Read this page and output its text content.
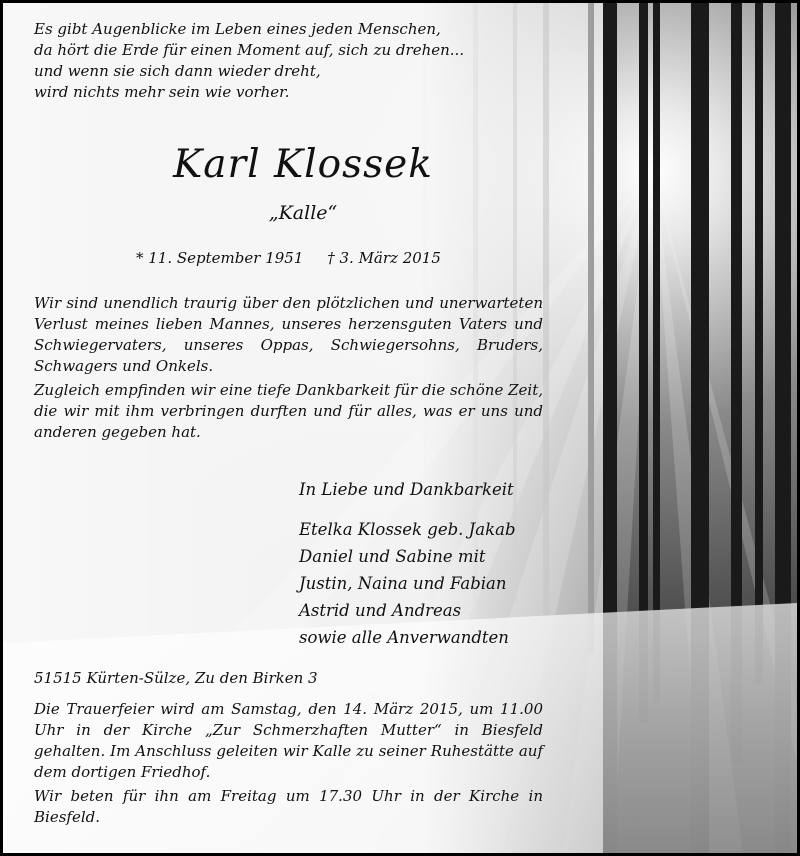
Es gibt Augenblicke im Leben eines jeden Menschen,
da hört die Erde für einen Moment auf, sich zu drehen...
und wenn sie sich dann wieder dreht,
wird nichts mehr sein wie vorher.
Karl Klossek
„Kalle“
* 11. September 1951 † 3. März 2015

Wir sind unendlich traurig über den plötzlichen und unerwarteten Verlust meines lieben Mannes, unseres herzensguten Vaters und Schwiegervaters, unseres Oppas, Schwiegersohns, Bruders, Schwagers und Onkels.

Zugleich empfinden wir eine tiefe Dankbarkeit für die schöne Zeit, die wir mit ihm verbringen durften und für alles, was er uns und anderen gegeben hat.

In Liebe und Dankbarkeit
Etelka Klossek geb. Jakab
Daniel und Sabine mit
Justin, Naina und Fabian
Astrid und Andreas
sowie alle Anverwandten
51515 Kürten-Sülze, Zu den Birken 3

Die Trauerfeier wird am Samstag, den 14. März 2015, um 11.00 Uhr in der Kirche „Zur Schmerzhaften Mutter“ in Biesfeld gehalten. Im Anschluss geleiten wir Kalle zu seiner Ruhestätte auf dem dortigen Friedhof.

Wir beten für ihn am Freitag um 17.30 Uhr in der Kirche in Biesfeld.
